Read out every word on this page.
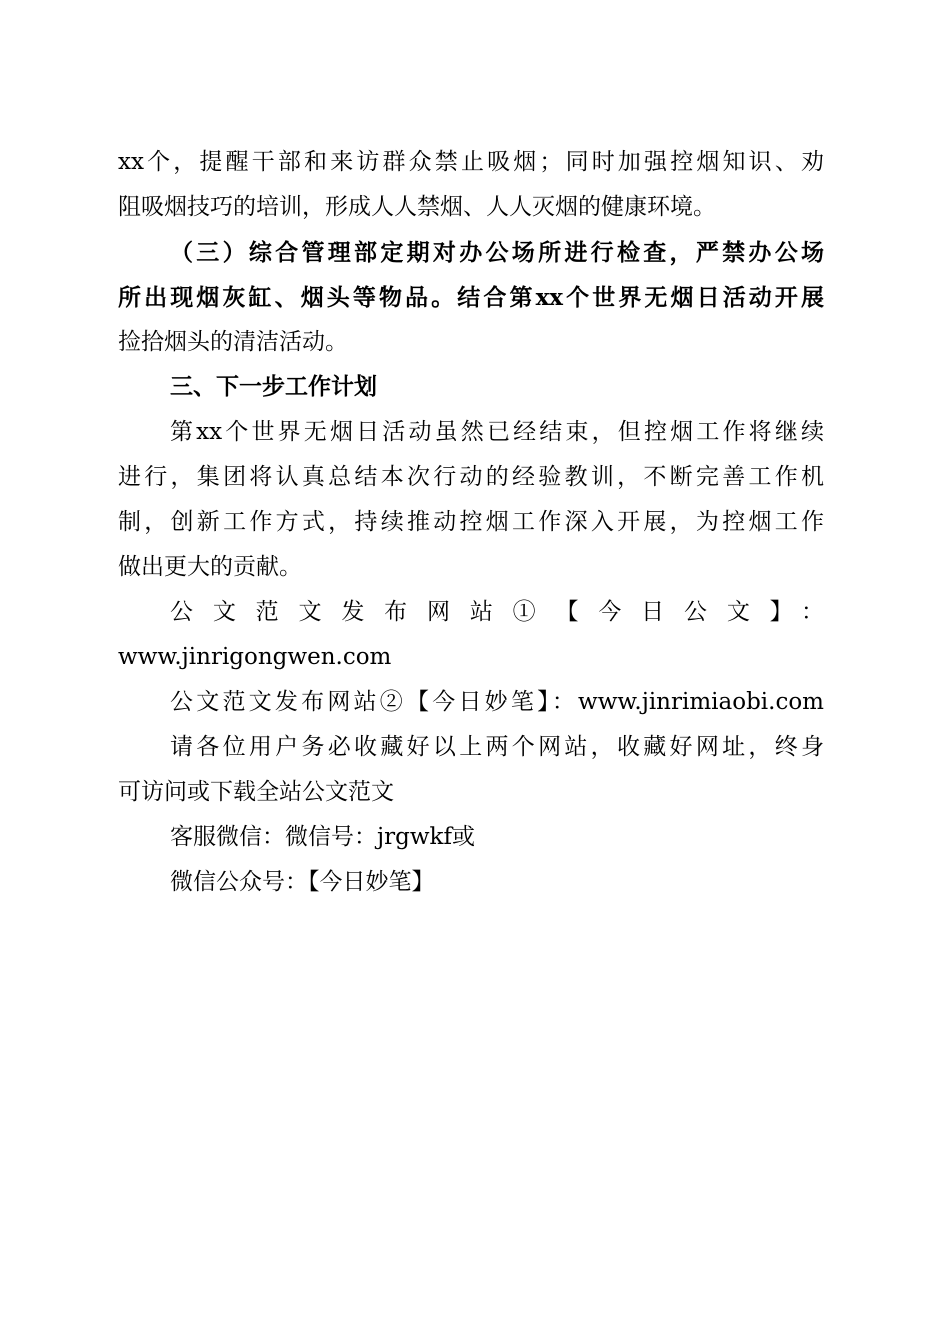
xx个，提醒干部和来访群众禁止吸烟；同时加强控烟知识、劝
阻吸烟技巧的培训，形成人人禁烟、人人灭烟的健康环境。
（三）综合管理部定期对办公场所进行检查，严禁办公场
所出现烟灰缸、烟头等物品。结合第xx个世界无烟日活动开展
捡拾烟头的清洁活动。
三、下一步工作计划
第xx个世界无烟日活动虽然已经结束，但控烟工作将继续
进行，集团将认真总结本次行动的经验教训，不断完善工作机
制，创新工作方式，持续推动控烟工作深入开展，为控烟工作
做出更大的贡献。
公文范文发布网站①【今日公文】：
www.jinrigongwen.com
公文范文发布网站②【今日妙笔】：www.jinrimiaobi.com
请各位用户务必收藏好以上两个网站，收藏好网址，终身
可访问或下载全站公文范文
客服微信：微信号：jrgwkf或
微信公众号：【今日妙笔】
